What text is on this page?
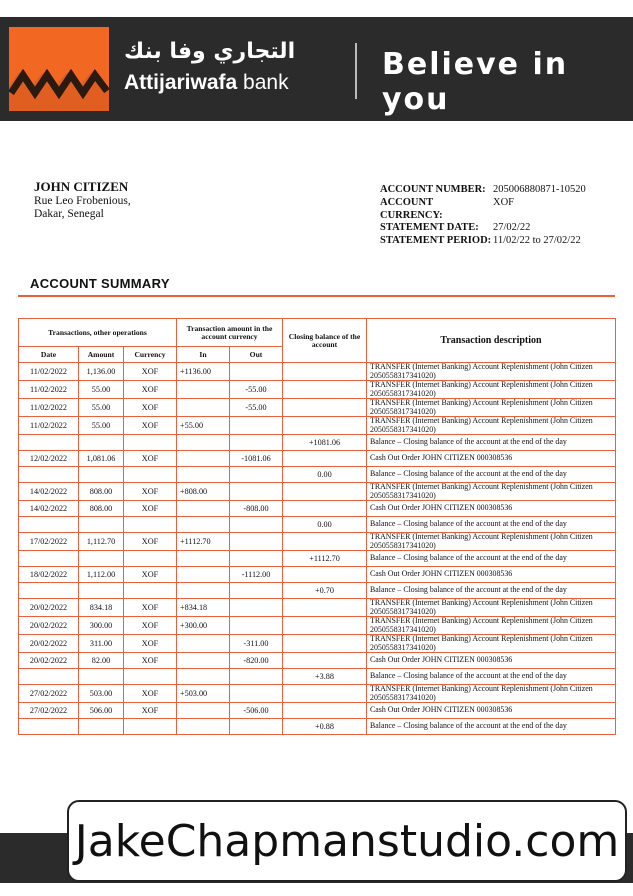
التجاري وفا بنك
Attijariwafa bank
Believe in you
JOHN CITIZEN
Rue Leo Frobenious,
Dakar, Senegal
ACCOUNT NUMBER: 205006880871-10520
ACCOUNT CURRENCY:
XOF
STATEMENT DATE:	27/02/22
STATEMENT PERIOD: 11/02/22 to 27/02/22
ACCOUNT SUMMARY
Transactions, other operations			Transaction amount in the account currency		Closing balance of the account	Transaction description
Date	Amount	Currency	In	Out		
11/02/2022	1,136.00	XOF	+1136.00			TRANSFER (Internet Banking) Account Replenishment (John Citizen 2050558317341020)
11/02/2022	55.00	XOF		-55.00		TRANSFER (Internet Banking) Account Replenishment (John Citizen 2050558317341020)
11/02/2022	55.00	XOF		-55.00		TRANSFER (Internet Banking) Account Replenishment (John Citizen 2050558317341020)
11/02/2022	55.00	XOF	+55.00			TRANSFER (Internet Banking) Account Replenishment (John Citizen 2050558317341020)
					+1081.06	Balance – Closing balance of the account at the end of the day
12/02/2022	1,081.06	XOF		-1081.06		Cash Out Order JOHN CITIZEN 000308536
					0.00	Balance – Closing balance of the account at the end of the day
14/02/2022	808.00	XOF	+808.00			TRANSFER (Internet Banking) Account Replenishment (John Citizen 2050558317341020)
14/02/2022	808.00	XOF		-808.00		Cash Out Order JOHN CITIZEN 000308536
					0.00	Balance – Closing balance of the account at the end of the day
17/02/2022	1,112.70	XOF	+1112.70			TRANSFER (Internet Banking) Account Replenishment (John Citizen 2050558317341020)
					+1112.70	Balance – Closing balance of the account at the end of the day
18/02/2022	1,112.00	XOF		-1112.00		Cash Out Order JOHN CITIZEN 000308536
					+0.70	Balance – Closing balance of the account at the end of the day
20/02/2022	834.18	XOF	+834.18			TRANSFER (Internet Banking) Account Replenishment (John Citizen 2050558317341020)
20/02/2022	300.00	XOF	+300.00			TRANSFER (Internet Banking) Account Replenishment (John Citizen 2050558317341020)
20/02/2022	311.00	XOF		-311.00		TRANSFER (Internet Banking) Account Replenishment (John Citizen 2050558317341020)
20/02/2022	82.00	XOF		-820.00		Cash Out Order JOHN CITIZEN 000308536
					+3.88	Balance – Closing balance of the account at the end of the day
27/02/2022	503.00	XOF	+503.00			TRANSFER (Internet Banking) Account Replenishment (John Citizen 2050558317341020)
27/02/2022	506.00	XOF		-506.00		Cash Out Order JOHN CITIZEN 000308536
					+0.88	Balance – Closing balance of the account at the end of the day
JakeChapmanstudio.com
